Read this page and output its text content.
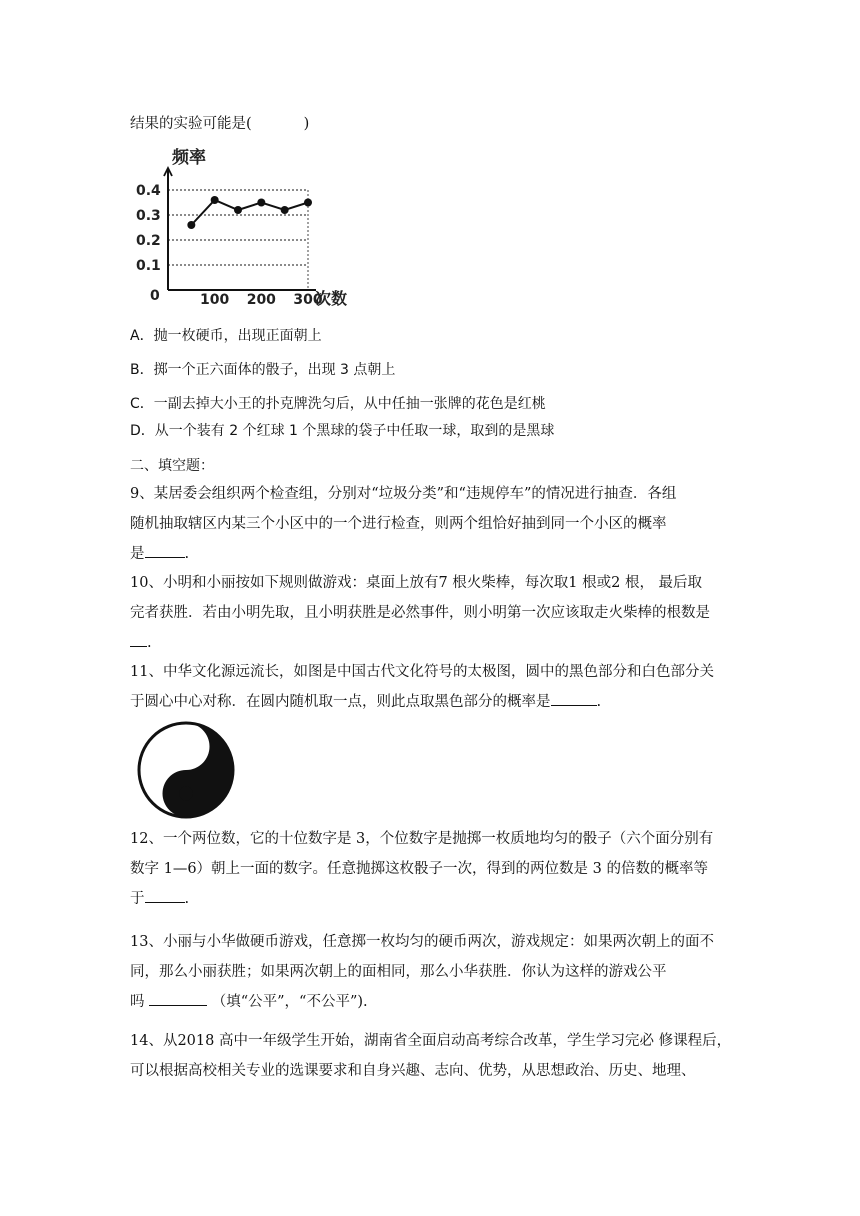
结果的实验可能是(	)
频率
次数
0
0.4
0.3
0.2
0.1
100 200 300
A．抛一枚硬币，出现正面朝上
B．掷一个正六面体的骰子，出现 3 点朝上
C．一副去掉大小王的扑克牌洗匀后，从中任抽一张牌的花色是红桃
D．从一个装有 2 个红球 1 个黑球的袋子中任取一球，取到的是黑球
二、填空题：
9、某居委会组织两个检查组，分别对“垃圾分类”和“违规停车”的情况进行抽查．各组
随机抽取辖区内某三个小区中的一个进行检查，则两个组恰好抽到同一个小区的概率
是	.
10、小明和小丽按如下规则做游戏：桌面上放有7 根火柴棒，每次取1 根或2 根， 最后取
完者获胜．若由小明先取，且小明获胜是必然事件，则小明第一次应该取走火柴棒的根数是
.
11、中华文化源远流长，如图是中国古代文化符号的太极图，圆中的黑色部分和白色部分关
于圆心中心对称．在圆内随机取一点，则此点取黑色部分的概率是	.
12、一个两位数，它的十位数字是 3，个位数字是抛掷一枚质地均匀的骰子（六个面分别有
数字 1—6）朝上一面的数字。任意抛掷这枚骰子一次，得到的两位数是 3 的倍数的概率等
于	.
13、小丽与小华做硬币游戏，任意掷一枚均匀的硬币两次，游戏规定：如果两次朝上的面不
同，那么小丽获胜；如果两次朝上的面相同，那么小华获胜．你认为这样的游戏公平
吗	（填“公平”，“不公平”).
14、从2018 高中一年级学生开始，湖南省全面启动高考综合改革，学生学习完必 修课程后，
可以根据高校相关专业的选课要求和自身兴趣、志向、优势，从思想政治、历史、地理、
